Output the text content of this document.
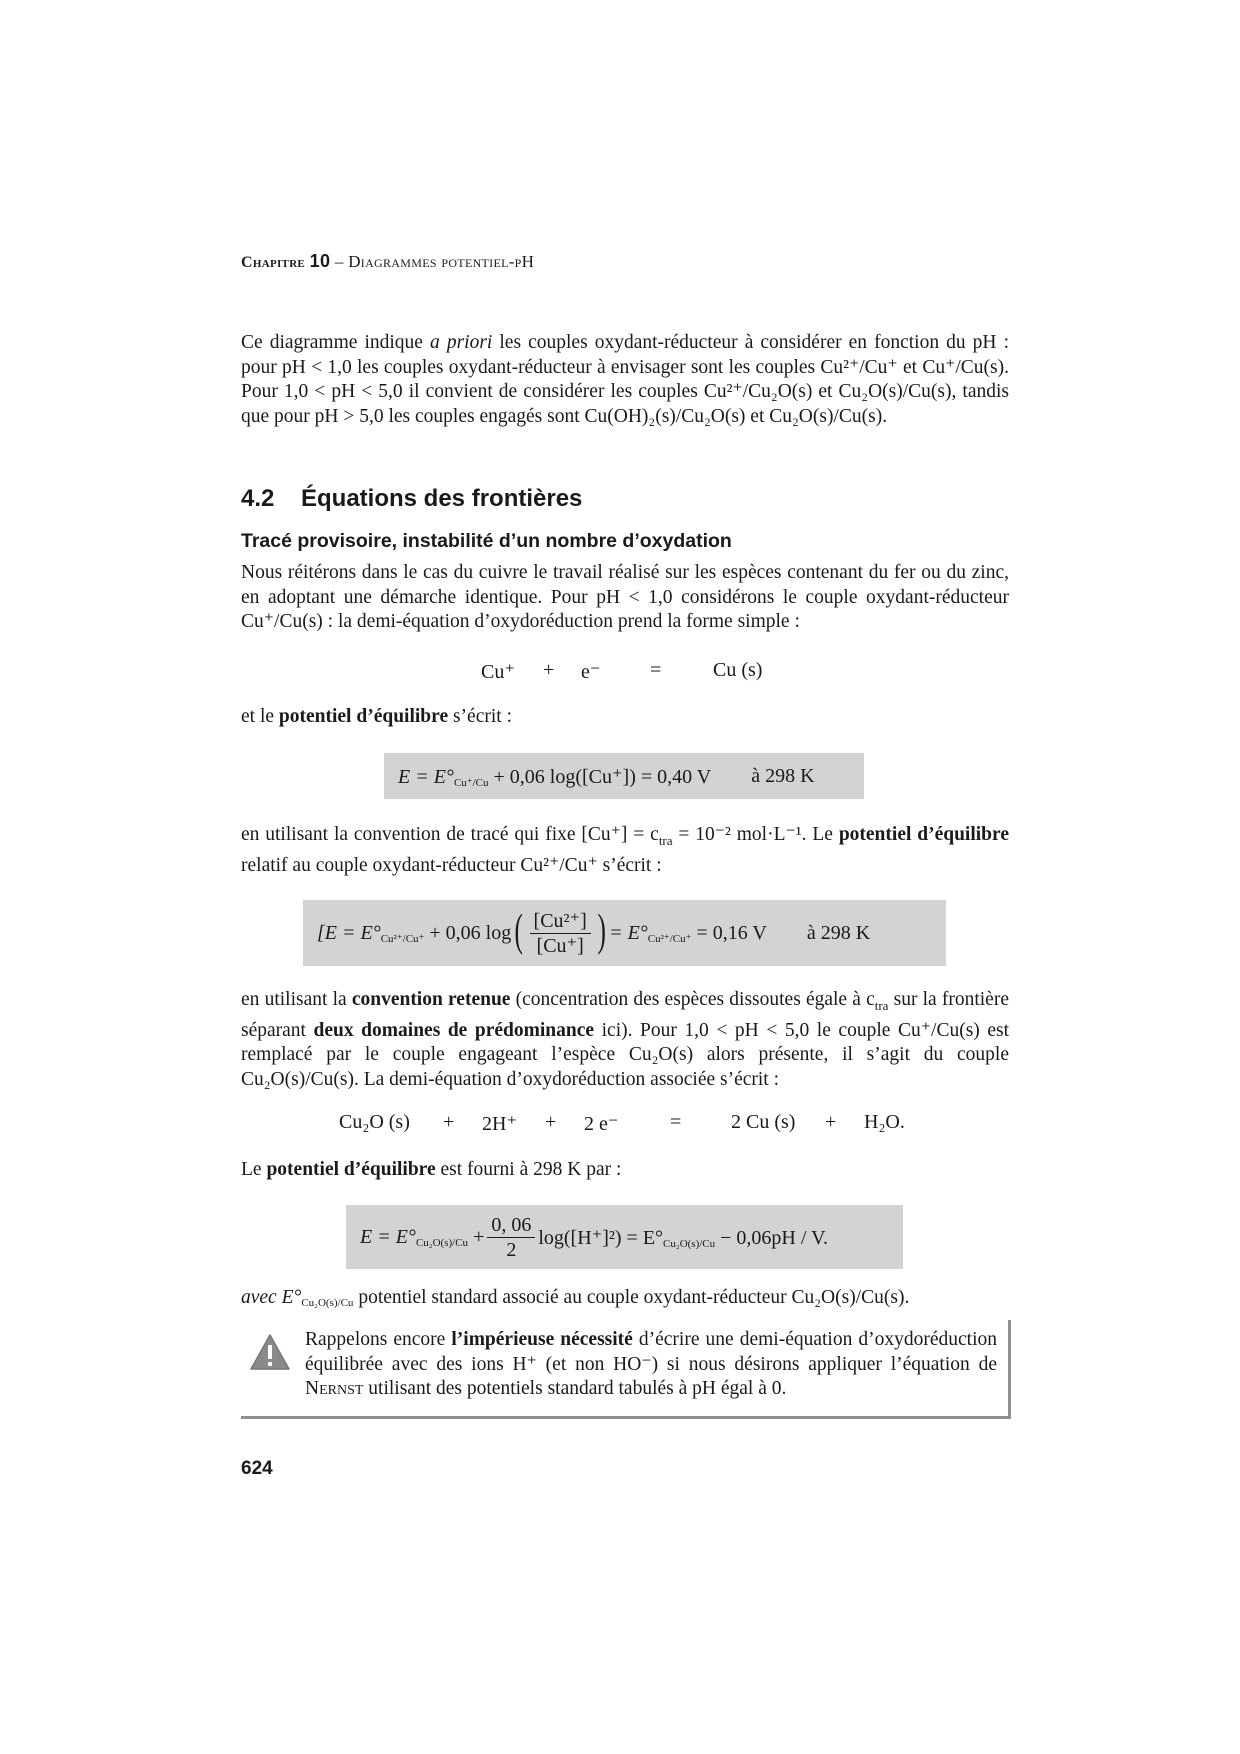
Chapitre 10 – Diagrammes potentiel-pH
Ce diagramme indique a priori les couples oxydant-réducteur à considérer en fonction du pH : pour pH < 1,0 les couples oxydant-réducteur à envisager sont les couples Cu²⁺/Cu⁺ et Cu⁺/Cu(s). Pour 1,0 < pH < 5,0 il convient de considérer les couples Cu²⁺/Cu₂O(s) et Cu₂O(s)/Cu(s), tandis que pour pH > 5,0 les couples engagés sont Cu(OH)₂(s)/Cu₂O(s) et Cu₂O(s)/Cu(s).
4.2 Équations des frontières
Tracé provisoire, instabilité d’un nombre d’oxydation
Nous réitérons dans le cas du cuivre le travail réalisé sur les espèces contenant du fer ou du zinc, en adoptant une démarche identique. Pour pH < 1,0 considérons le couple oxydant-réducteur Cu⁺/Cu(s) : la demi-équation d’oxydoréduction prend la forme simple :
Cu⁺ + e⁻ =	Cu (s)
et le potentiel d’équilibre s’écrit :
$E = E^\circ_{Cu^+/Cu} + 0,06$ log([Cu⁺]) = 0,40 V à 298 K
en utilisant la convention de tracé qui fixe $[Cu^+] = c_{tra} = 10^{-2}$ mol·L⁻¹. Le potentiel d’équilibre relatif au couple oxydant-réducteur Cu²⁺/Cu⁺ s’écrit :
[$E = E^\circ_{Cu^{2+}/Cu^+} + 0,06$ log ( $\frac{\text{[Cu²⁺]}}{[Cu^+]}$ ) = $E^\circ_{Cu^{2+}/Cu^+} = 0,16$ V à 298 K
en utilisant la convention retenue (concentration des espèces dissoutes égale à $c_{tra}$ sur la frontière séparant deux domaines de prédominance ici). Pour 1,0 < pH < 5,0 le couple Cu⁺/Cu(s) est remplacé par le couple engageant l’espèce Cu₂O(s) alors présente, il s’agit du couple Cu₂O(s)/Cu(s). La demi-équation d’oxydoréduction associée s’écrit :
Cu₂O (s) + 2H⁺ + 2 e⁻	= 2 Cu (s) + H₂O.
Le potentiel d’équilibre est fourni à 298 K par :
$E = E^\circ_{Cu_2O(s)/Cu} + \frac{0, 06}{2} \log([H^+]^2) = E^\circ_{Cu_2O(s)/Cu} - 0,06pH / V$.
avec $E^\circ_{Cu_2O(s)/Cu}$ potentiel standard associé au couple oxydant-réducteur Cu₂O(s)/Cu(s).
Rappelons encore l’impérieuse nécessité d’écrire une demi-équation d’oxydoréduction équilibrée avec des ions H⁺ (et non HO⁻) si nous désirons appliquer l’équation de Nernst utilisant des potentiels standard tabulés à pH égal à 0.
624
